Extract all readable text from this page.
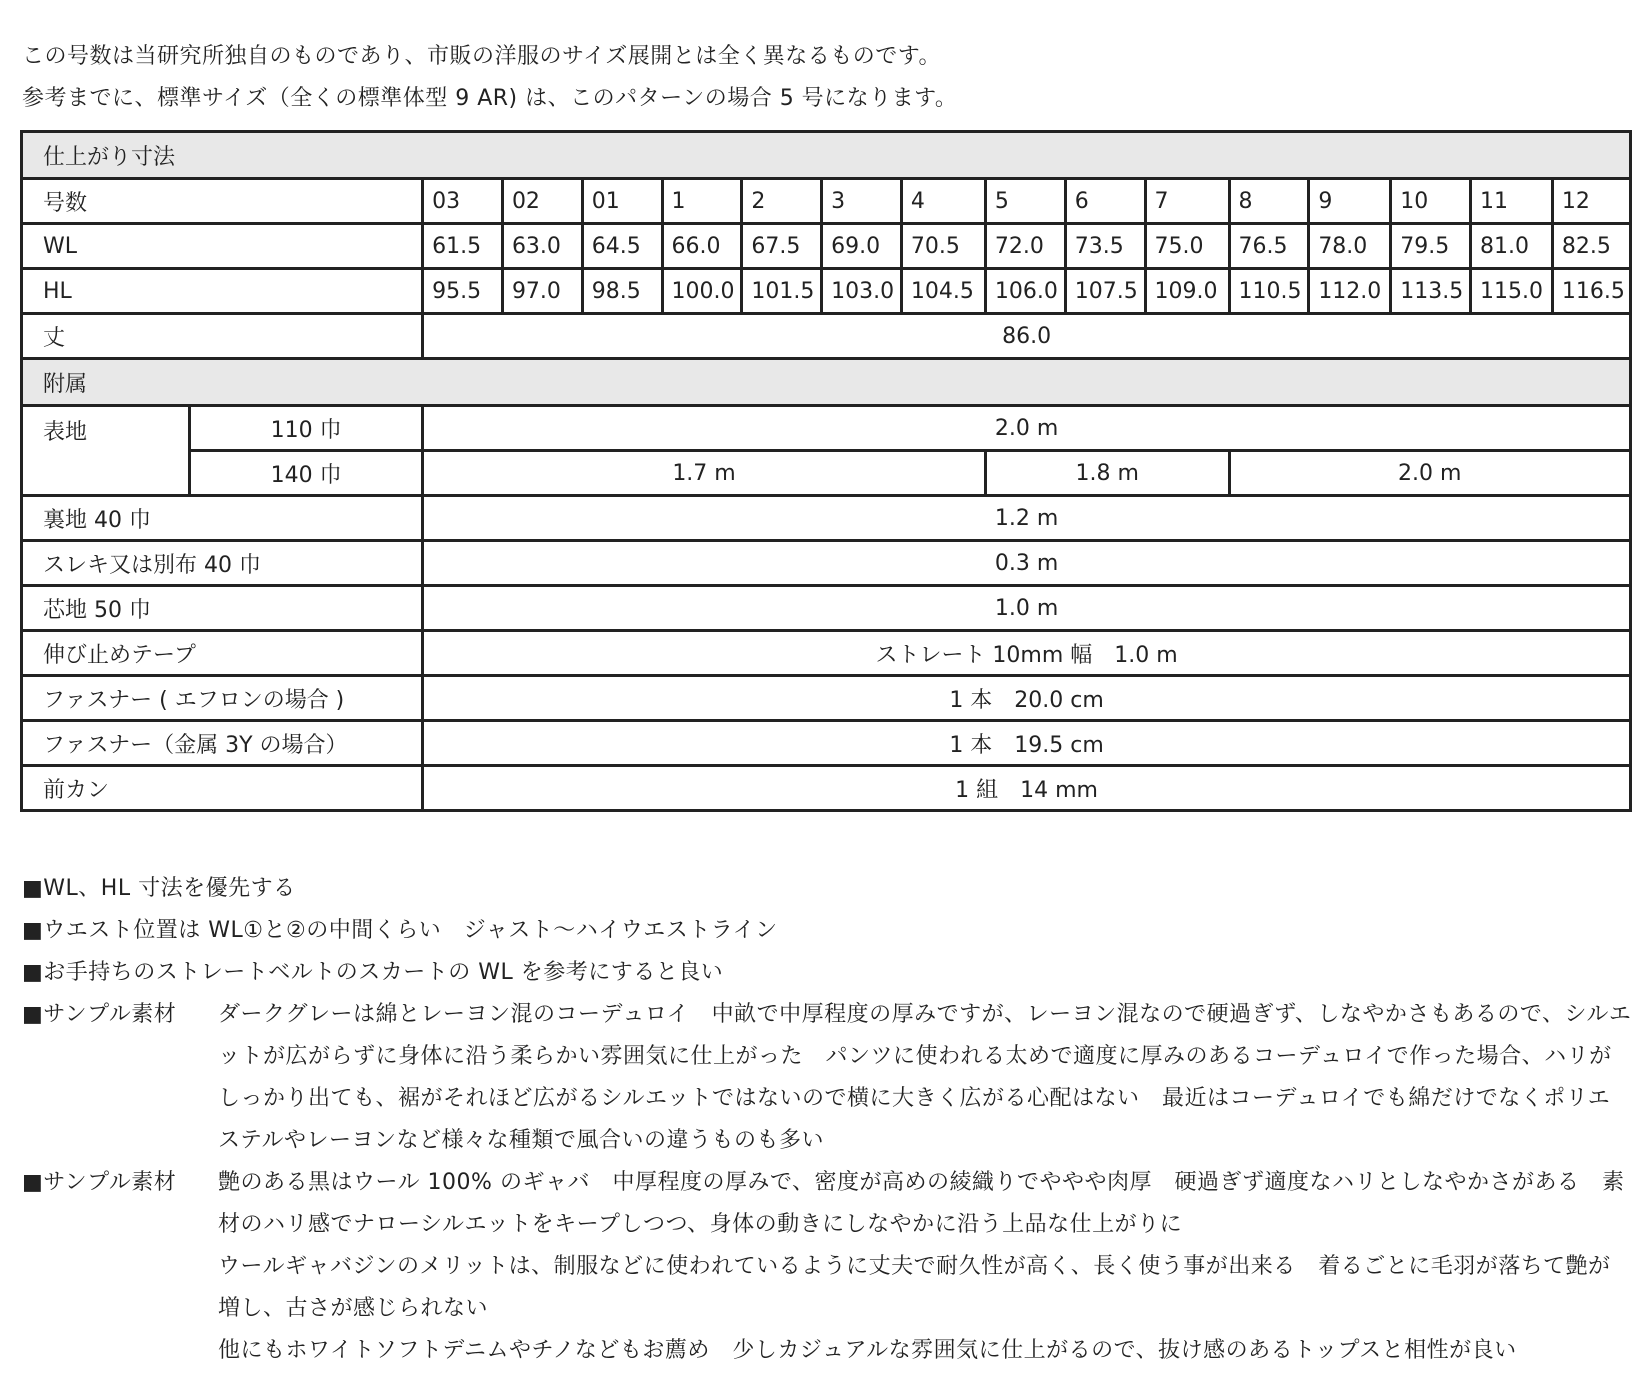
この号数は当研究所独自のものであり、市販の洋服のサイズ展開とは全く異なるものです。
参考までに、標準サイズ（全くの標準体型 9 AR) は、このパターンの場合 5 号になります。
仕上がり寸法																
号数		03	02	01	1	2	3	4	5	6	7	8	9	10	11	12
WL		61.5	63.0	64.5	66.0	67.5	69.0	70.5	72.0	73.5	75.0	76.5	78.0	79.5	81.0	82.5
HL		95.5	97.0	98.5	100.0	101.5	103.0	104.5	106.0	107.5	109.0	110.5	112.0	113.5	115.0	116.5
丈		86.0														
附属																
表地	110 巾	2.0 m														
	140 巾	1.7 m							1.8 m			2.0 m				
裏地 40 巾		1.2 m														
スレキ又は別布 40 巾		0.3 m														
芯地 50 巾		1.0 m														
伸び止めテープ		ストレート 10mm 幅　1.0 m														
ファスナー ( エフロンの場合 )		1 本　20.0 cm														
ファスナー（金属 3Y の場合）		1 本　19.5 cm														
前カン		1 組　14 mm														
■WL、HL 寸法を優先する
■ウエスト位置は WL①と②の中間くらい　ジャスト〜ハイウエストライン
■お手持ちのストレートベルトのスカートの WL を参考にすると良い
■サンプル素材	ダークグレーは綿とレーヨン混のコーデュロイ　中畝で中厚程度の厚みですが、レーヨン混なので硬過ぎず、しなやかさもあるので、シルエットが広がらずに身体に沿う柔らかい雰囲気に仕上がった　パンツに使われる太めで適度に厚みのあるコーデュロイで作った場合、ハリがしっかり出ても、裾がそれほど広がるシルエットではないので横に大きく広がる心配はない　最近はコーデュロイでも綿だけでなくポリエステルやレーヨンなど様々な種類で風合いの違うものも多い
■サンプル素材	艶のある黒はウール 100% のギャバ　中厚程度の厚みで、密度が高めの綾織りでややや肉厚　硬過ぎず適度なハリとしなやかさがある　素材のハリ感でナローシルエットをキープしつつ、身体の動きにしなやかに沿う上品な仕上がりに
ウールギャバジンのメリットは、制服などに使われているように丈夫で耐久性が高く、長く使う事が出来る　着るごとに毛羽が落ちて艶が増し、古さが感じられない
他にもホワイトソフトデニムやチノなどもお薦め　少しカジュアルな雰囲気に仕上がるので、抜け感のあるトップスと相性が良い
